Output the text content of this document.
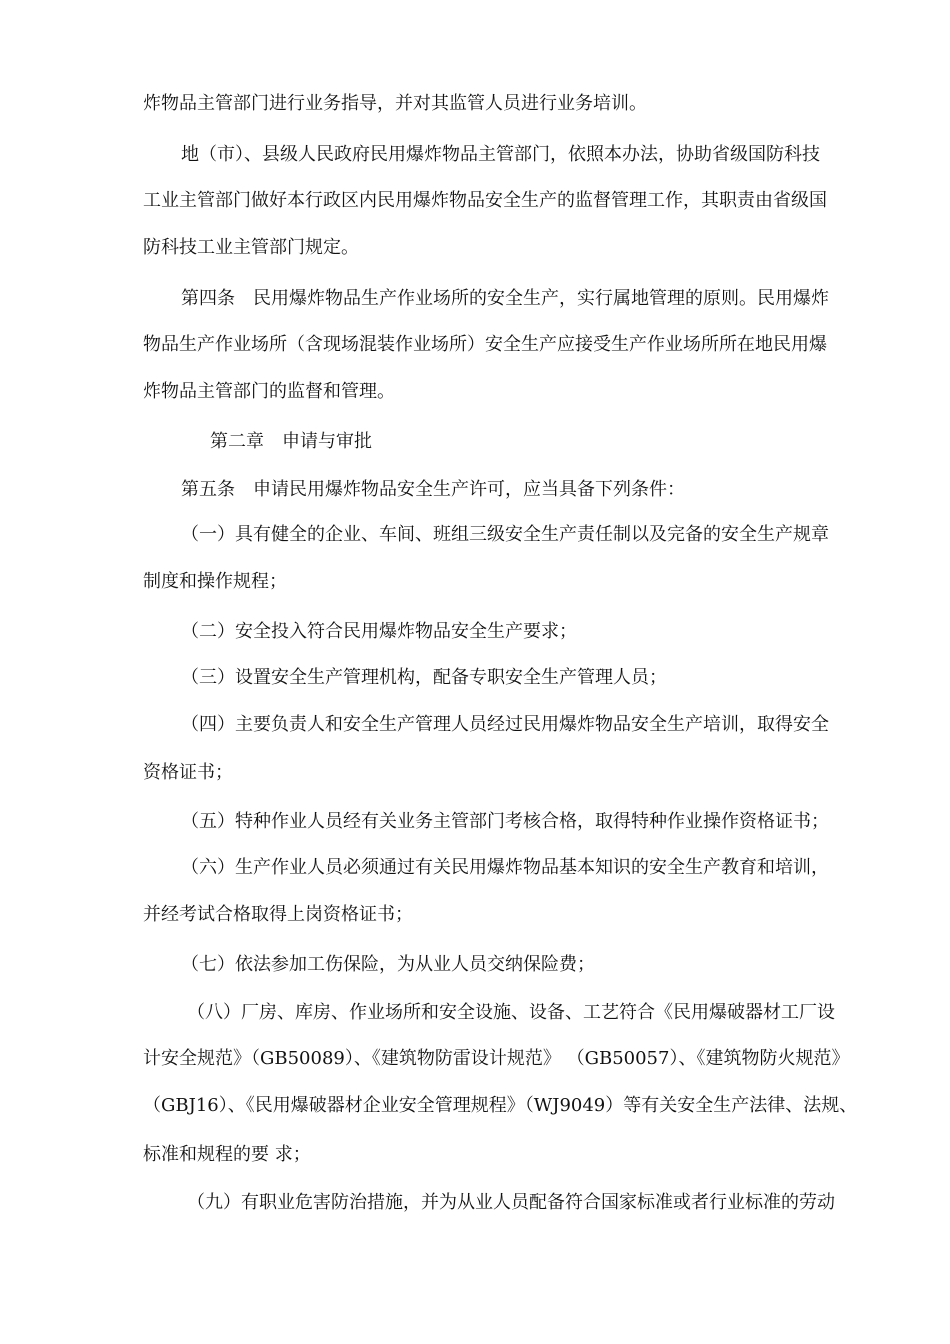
炸物品主管部门进行业务指导，并对其监管人员进行业务培训。
地（市）、县级人民政府民用爆炸物品主管部门，依照本办法，协助省级国防科技
工业主管部门做好本行政区内民用爆炸物品安全生产的监督管理工作，其职责由省级国
防科技工业主管部门规定。
第四条　民用爆炸物品生产作业场所的安全生产，实行属地管理的原则。民用爆炸
物品生产作业场所（含现场混装作业场所）安全生产应接受生产作业场所所在地民用爆
炸物品主管部门的监督和管理。
第二章　申请与审批
第五条　申请民用爆炸物品安全生产许可，应当具备下列条件：
（一）具有健全的企业、车间、班组三级安全生产责任制以及完备的安全生产规章
制度和操作规程；
（二）安全投入符合民用爆炸物品安全生产要求；
（三）设置安全生产管理机构，配备专职安全生产管理人员；
（四）主要负责人和安全生产管理人员经过民用爆炸物品安全生产培训，取得安全
资格证书；
（五）特种作业人员经有关业务主管部门考核合格，取得特种作业操作资格证书；
（六）生产作业人员必须通过有关民用爆炸物品基本知识的安全生产教育和培训，
并经考试合格取得上岗资格证书；
（七）依法参加工伤保险，为从业人员交纳保险费；
（八）厂房、库房、作业场所和安全设施、设备、工艺符合《民用爆破器材工厂设
计安全规范》（GB50089）、《建筑物防雷设计规范》 （GB50057）、《建筑物防火规范》
（GBJ16）、《民用爆破器材企业安全管理规程》（WJ9049）等有关安全生产法律、法规、
标准和规程的要 求；
（九）有职业危害防治措施，并为从业人员配备符合国家标准或者行业标准的劳动
